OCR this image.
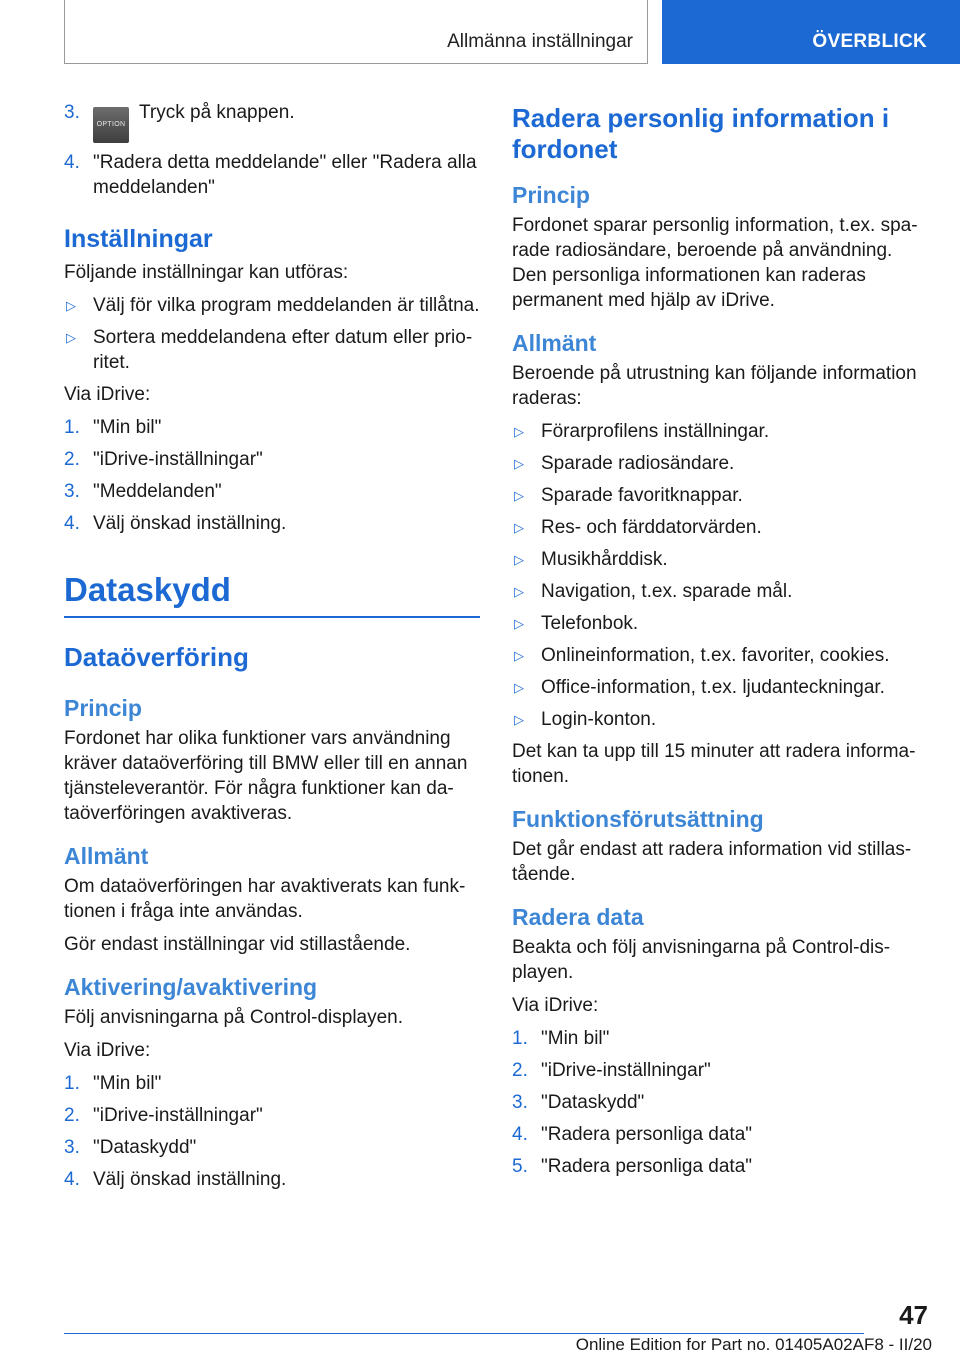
Allmänna inställningar	ÖVERBLICK
3.
OPTIONTryck på knappen.
4. "Radera detta meddelande" eller "Radera alla meddelanden"
Inställningar

Följande inställningar kan utföras:

▷ Välj för vilka program meddelanden är tillåtna.
▷ Sortera meddelandena efter datum eller prioritet.

Via iDrive:

1. "Min bil"
2. "iDrive-inställningar"
3. "Meddelanden"
4. Välj önskad inställning.
Dataskydd
Dataöverföring
Princip

Fordonet har olika funktioner vars användning kräver dataöverföring till BMW eller till en annan tjänsteleverantör. För några funktioner kan dataöverföringen avaktiveras.

Allmänt

Om dataöverföringen har avaktiverats kan funktionen i fråga inte användas.

Gör endast inställningar vid stillastående.

Aktivering/avaktivering

Följ anvisningarna på Control-displayen.

Via iDrive:

1. "Min bil"
2. "iDrive-inställningar"
3. "Dataskydd"
4. Välj önskad inställning.
Radera personlig information i fordonet
Princip

Fordonet sparar personlig information, t.ex. sparade radiosändare, beroende på användning. Den personliga informationen kan raderas permanent med hjälp av iDrive.

Allmänt

Beroende på utrustning kan följande information raderas:

▷ Förarprofilens inställningar.
▷ Sparade radiosändare.
▷ Sparade favoritknappar.
▷ Res- och färddatorvärden.
▷ Musikhårddisk.
▷ Navigation, t.ex. sparade mål.
▷ Telefonbok.
▷ Onlineinformation, t.ex. favoriter, cookies.
▷ Office-information, t.ex. ljudanteckningar.
▷ Login-konton.

Det kan ta upp till 15 minuter att radera informationen.

Funktionsförutsättning

Det går endast att radera information vid stillastående.

Radera data

Beakta och följ anvisningarna på Control-displayen.

Via iDrive:

1. "Min bil"
2. "iDrive-inställningar"
3. "Dataskydd"
4. "Radera personliga data"
5. "Radera personliga data"
47
Online Edition for Part no. 01405A02AF8 - II/20
